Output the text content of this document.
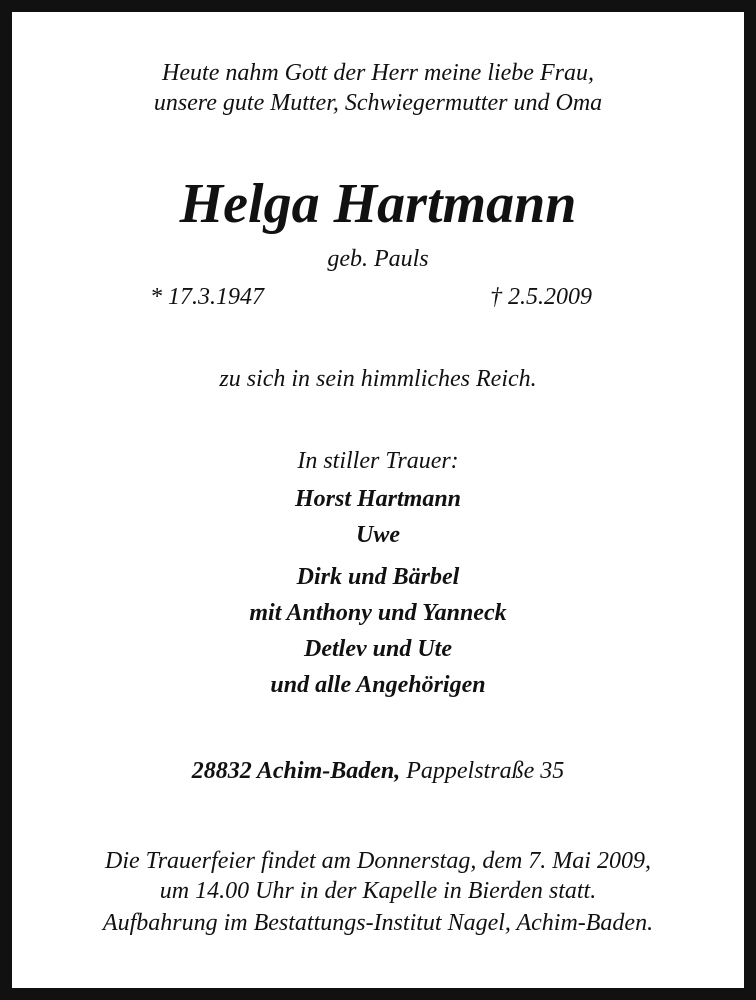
Heute nahm Gott der Herr meine liebe Frau,
unsere gute Mutter, Schwiegermutter und Oma
Helga Hartmann
geb. Pauls
* 17.3.1947	† 2.5.2009
zu sich in sein himmliches Reich.
In stiller Trauer:
Horst Hartmann
Uwe
Dirk und Bärbel
mit Anthony und Yanneck
Detlev und Ute
und alle Angehörigen
28832 Achim-Baden, Pappelstraße 35
Die Trauerfeier findet am Donnerstag, dem 7. Mai 2009,
um 14.00 Uhr in der Kapelle in Bierden statt.
Aufbahrung im Bestattungs-Institut Nagel, Achim-Baden.
